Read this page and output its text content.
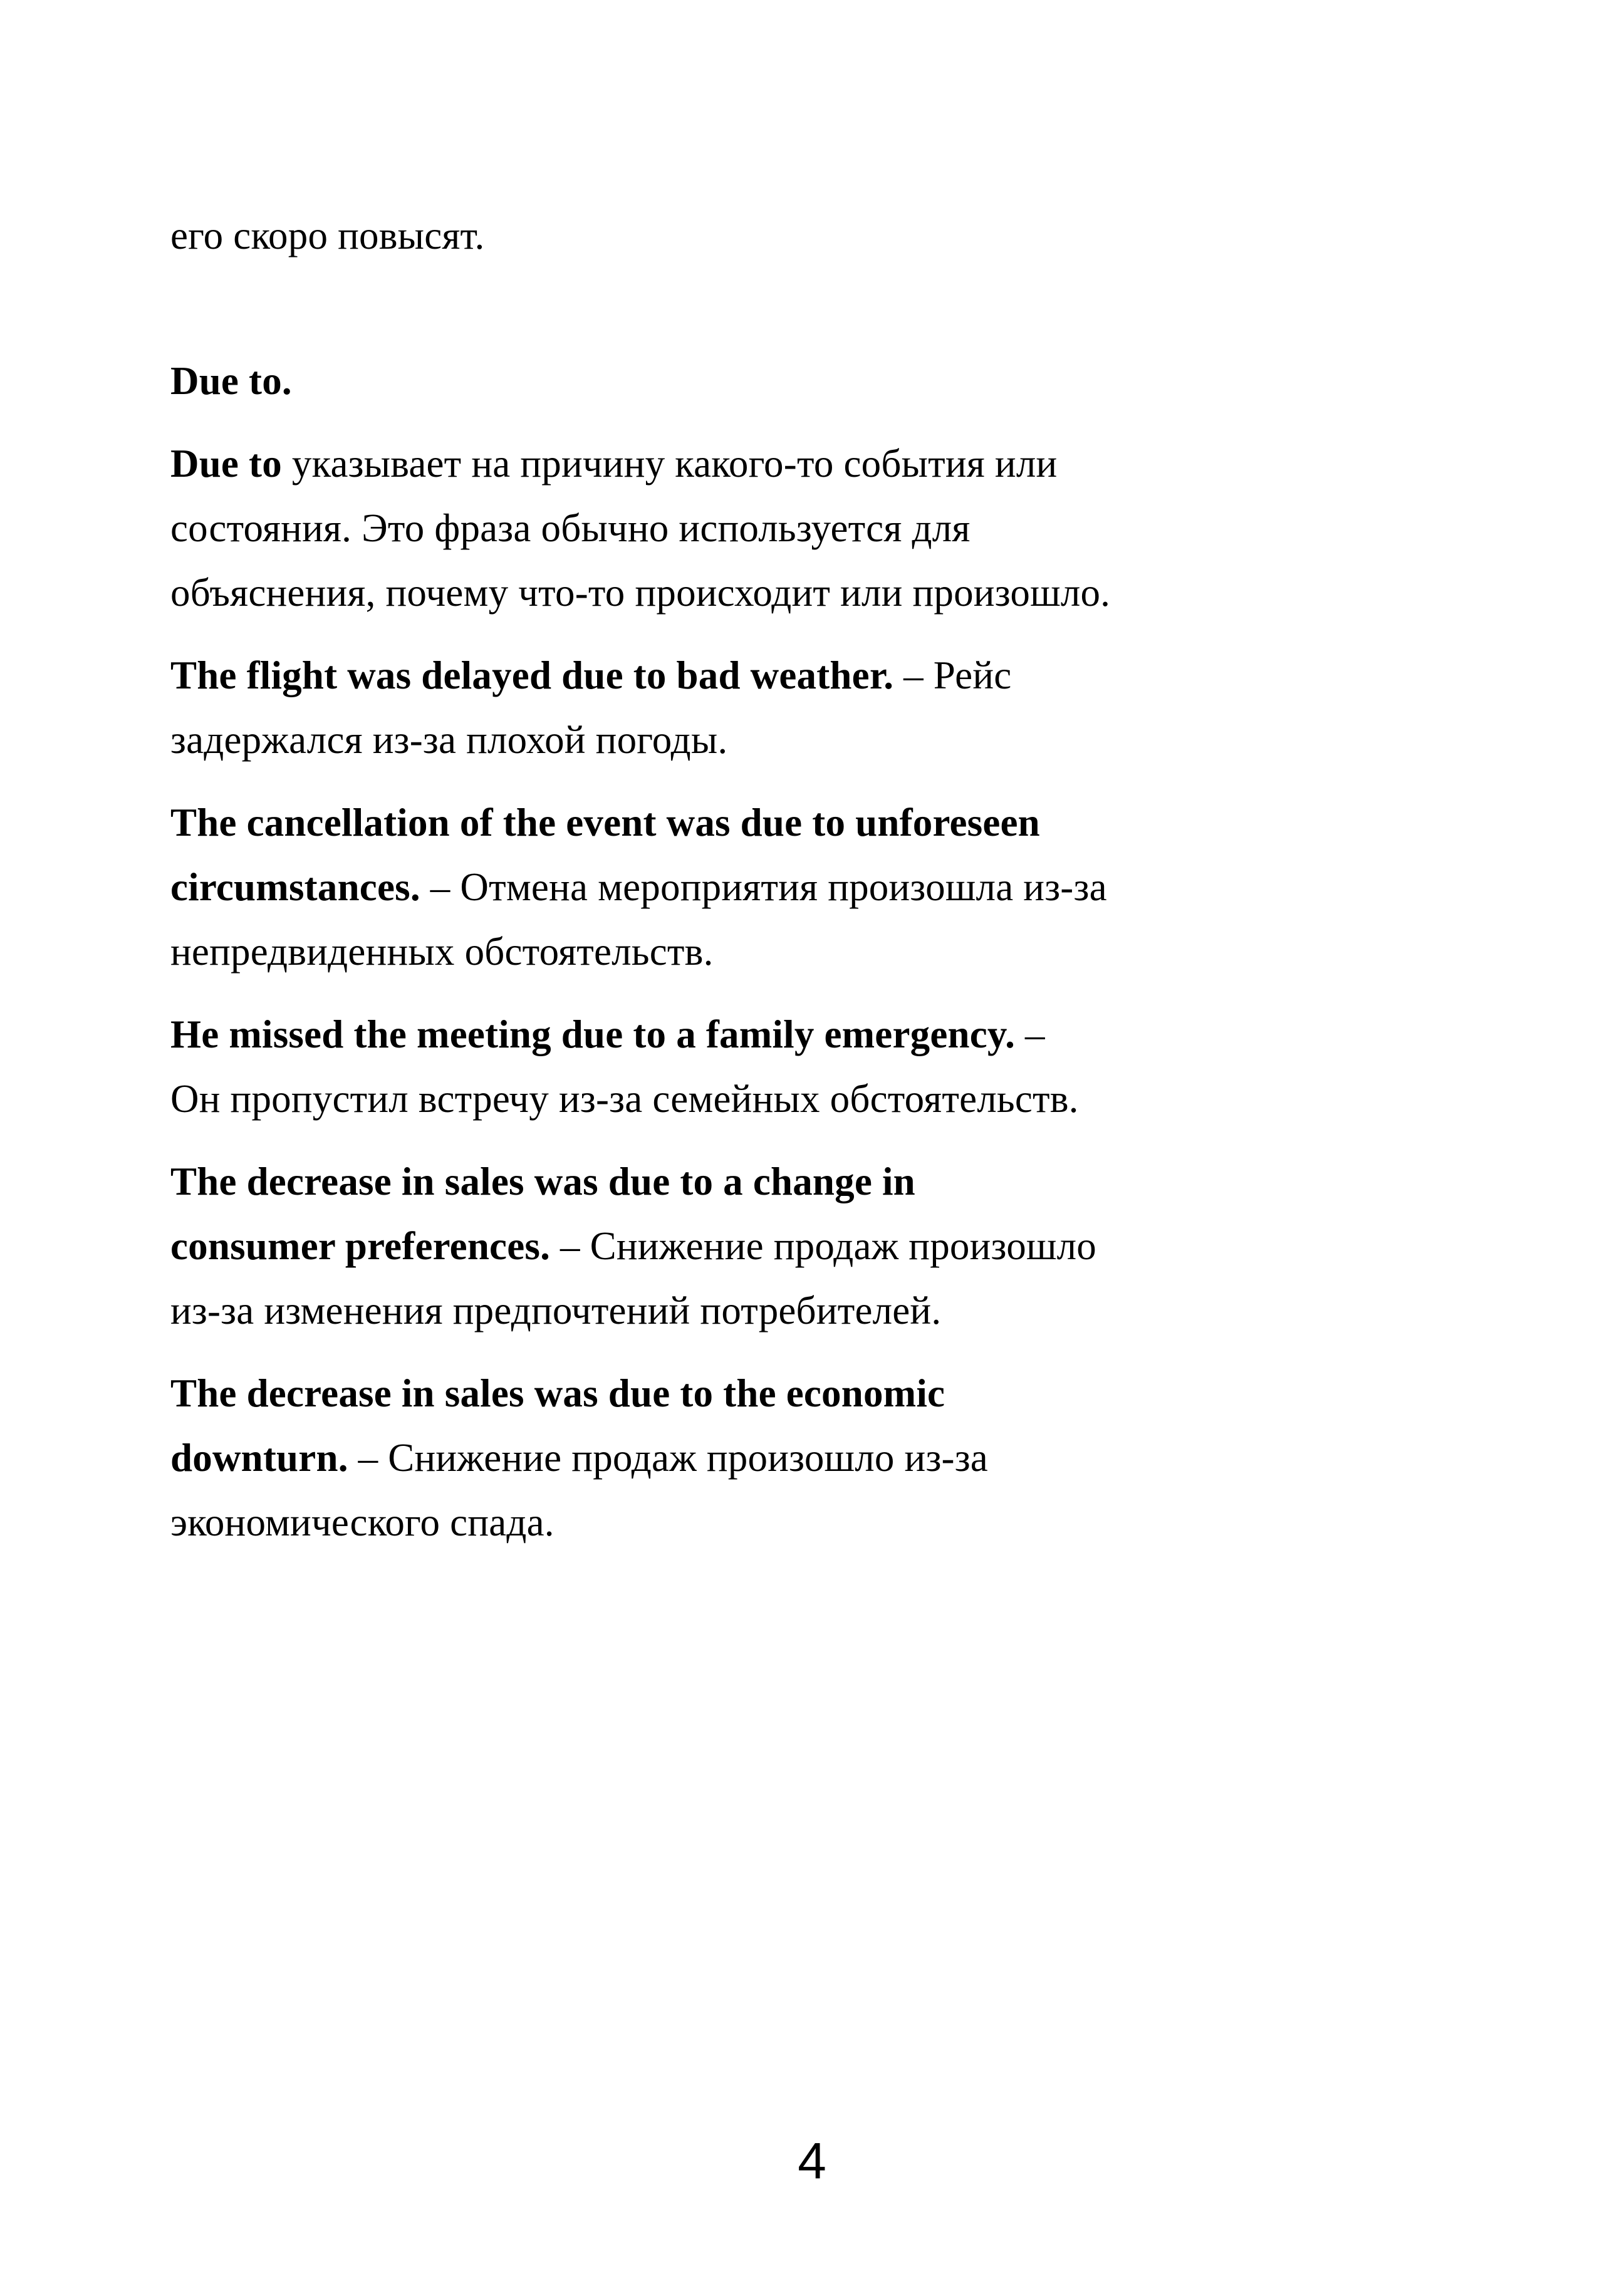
его скоро повысят.
Due to.
Due to указывает на причину какого-то события или
состояния. Это фраза обычно используется для
объяснения, почему что-то происходит или произошло.
The flight was delayed due to bad weather. – Рейс
задержался из-за плохой погоды.
The cancellation of the event was due to unforeseen
circumstances. – Отмена мероприятия произошла из-за
непредвиденных обстоятельств.
He missed the meeting due to a family emergency. –
Он пропустил встречу из-за семейных обстоятельств.
The decrease in sales was due to a change in
consumer preferences. – Снижение продаж произошло
из-за изменения предпочтений потребителей.
The decrease in sales was due to the economic
downturn. – Снижение продаж произошло из-за
экономического спада.
4
